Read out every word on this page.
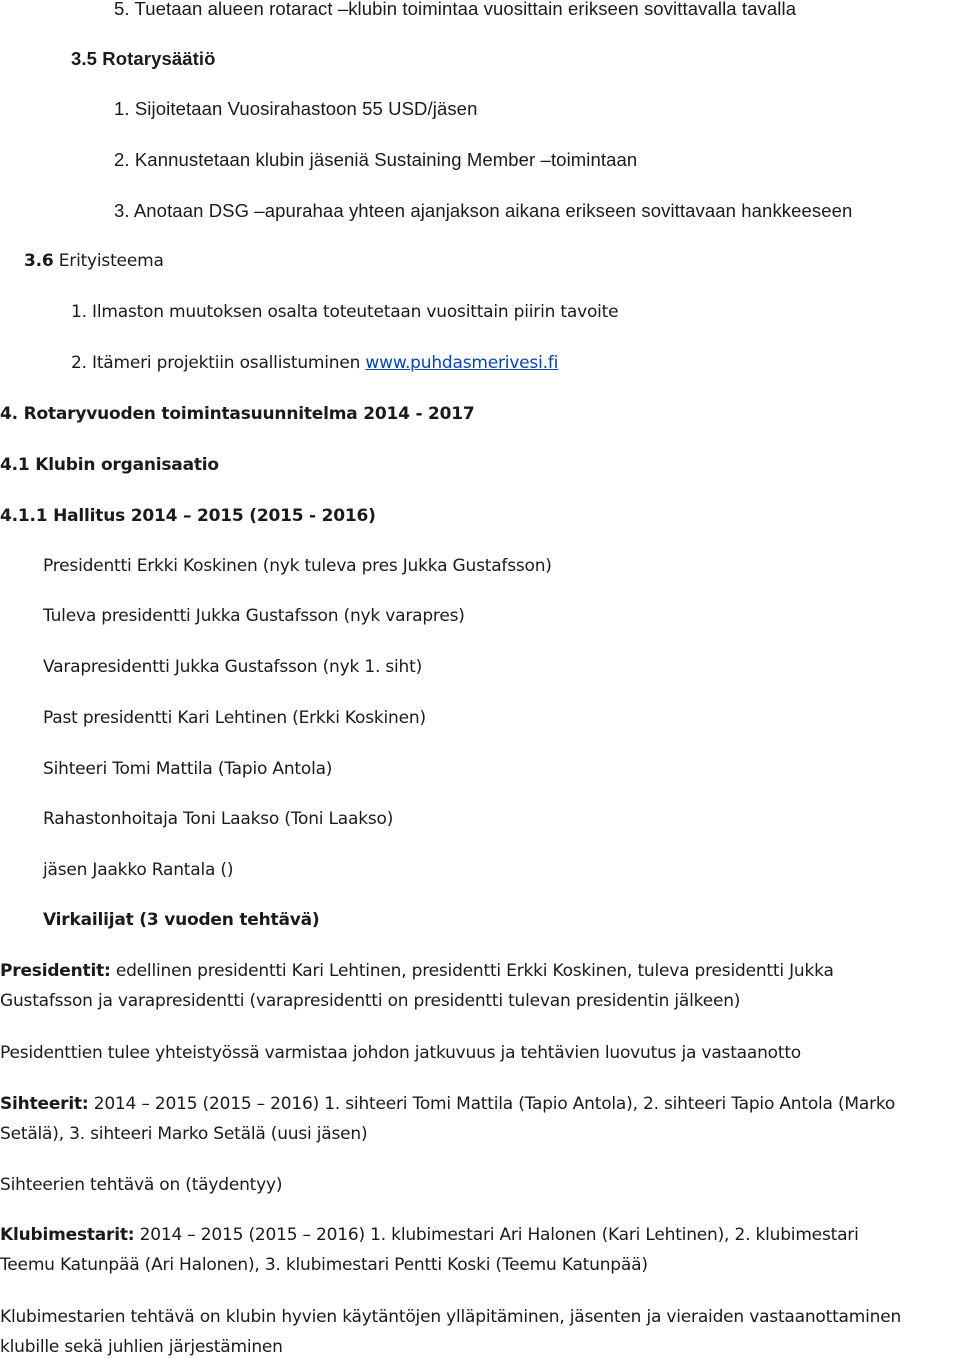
5. Tuetaan alueen rotaract –klubin toimintaa vuosittain erikseen sovittavalla tavalla
3.5 Rotarysäätiö
1. Sijoitetaan Vuosirahastoon 55 USD/jäsen
2. Kannustetaan klubin jäseniä Sustaining Member –toimintaan
3. Anotaan DSG –apurahaa yhteen ajanjakson aikana erikseen sovittavaan hankkeeseen
3.6 Erityisteema
1. Ilmaston muutoksen osalta toteutetaan vuosittain piirin tavoite
2. Itämeri projektiin osallistuminen www.puhdasmerivesi.fi
4. Rotaryvuoden toimintasuunnitelma 2014 - 2017
4.1 Klubin organisaatio
4.1.1 Hallitus 2014 – 2015 (2015 - 2016)
Presidentti Erkki Koskinen (nyk tuleva pres Jukka Gustafsson)
Tuleva presidentti Jukka Gustafsson (nyk varapres)
Varapresidentti Jukka Gustafsson (nyk 1. siht)
Past presidentti Kari Lehtinen (Erkki Koskinen)
Sihteeri Tomi Mattila (Tapio Antola)
Rahastonhoitaja Toni Laakso (Toni Laakso)
jäsen Jaakko Rantala ()
Virkailijat (3 vuoden tehtävä)
Presidentit: edellinen presidentti Kari Lehtinen, presidentti Erkki Koskinen, tuleva presidentti Jukka
Gustafsson ja varapresidentti (varapresidentti on presidentti tulevan presidentin jälkeen)
Pesidenttien tulee yhteistyössä varmistaa johdon jatkuvuus ja tehtävien luovutus ja vastaanotto
Sihteerit: 2014 – 2015 (2015 – 2016) 1. sihteeri Tomi Mattila (Tapio Antola), 2. sihteeri Tapio Antola (Marko
Setälä), 3. sihteeri Marko Setälä (uusi jäsen)
Sihteerien tehtävä on (täydentyy)
Klubimestarit: 2014 – 2015 (2015 – 2016) 1. klubimestari Ari Halonen (Kari Lehtinen), 2. klubimestari
Teemu Katunpää (Ari Halonen), 3. klubimestari Pentti Koski (Teemu Katunpää)
Klubimestarien tehtävä on klubin hyvien käytäntöjen ylläpitäminen, jäsenten ja vieraiden vastaanottaminen
klubille sekä juhlien järjestäminen
